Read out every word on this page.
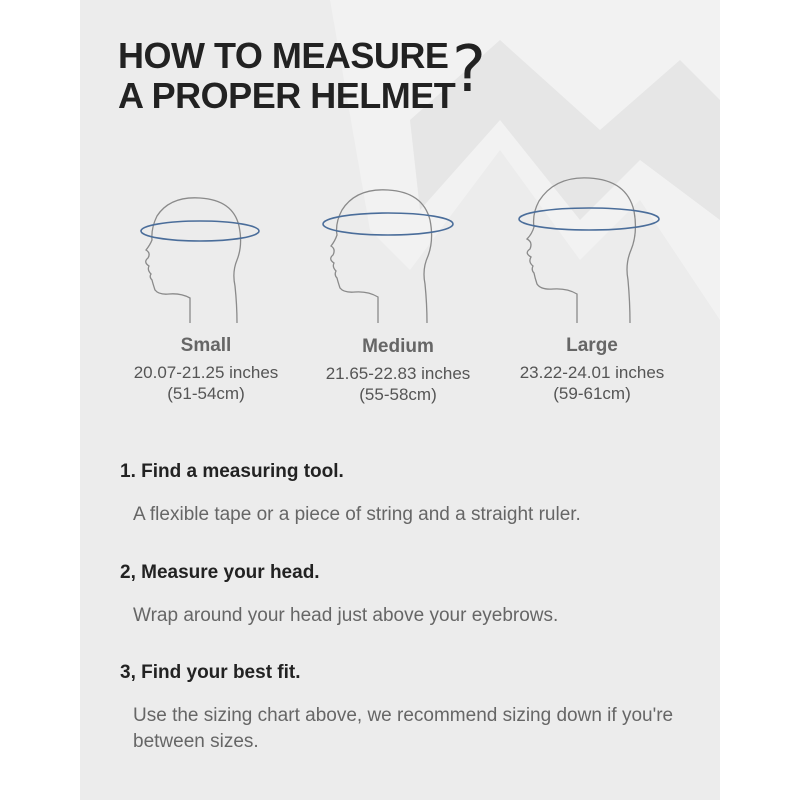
HOW TO MEASURE
A PROPER HELMET
?
Small
20.07-21.25 inches
(51-54cm)
Medium
21.65-22.83 inches
(55-58cm)
Large
23.22-24.01 inches
(59-61cm)
1. Find a measuring tool.
A flexible tape or a piece of string and a straight ruler.
2, Measure your head.
Wrap around your head just above your eyebrows.
3, Find your best fit.
Use the sizing chart above, we recommend sizing down if you're between sizes.
